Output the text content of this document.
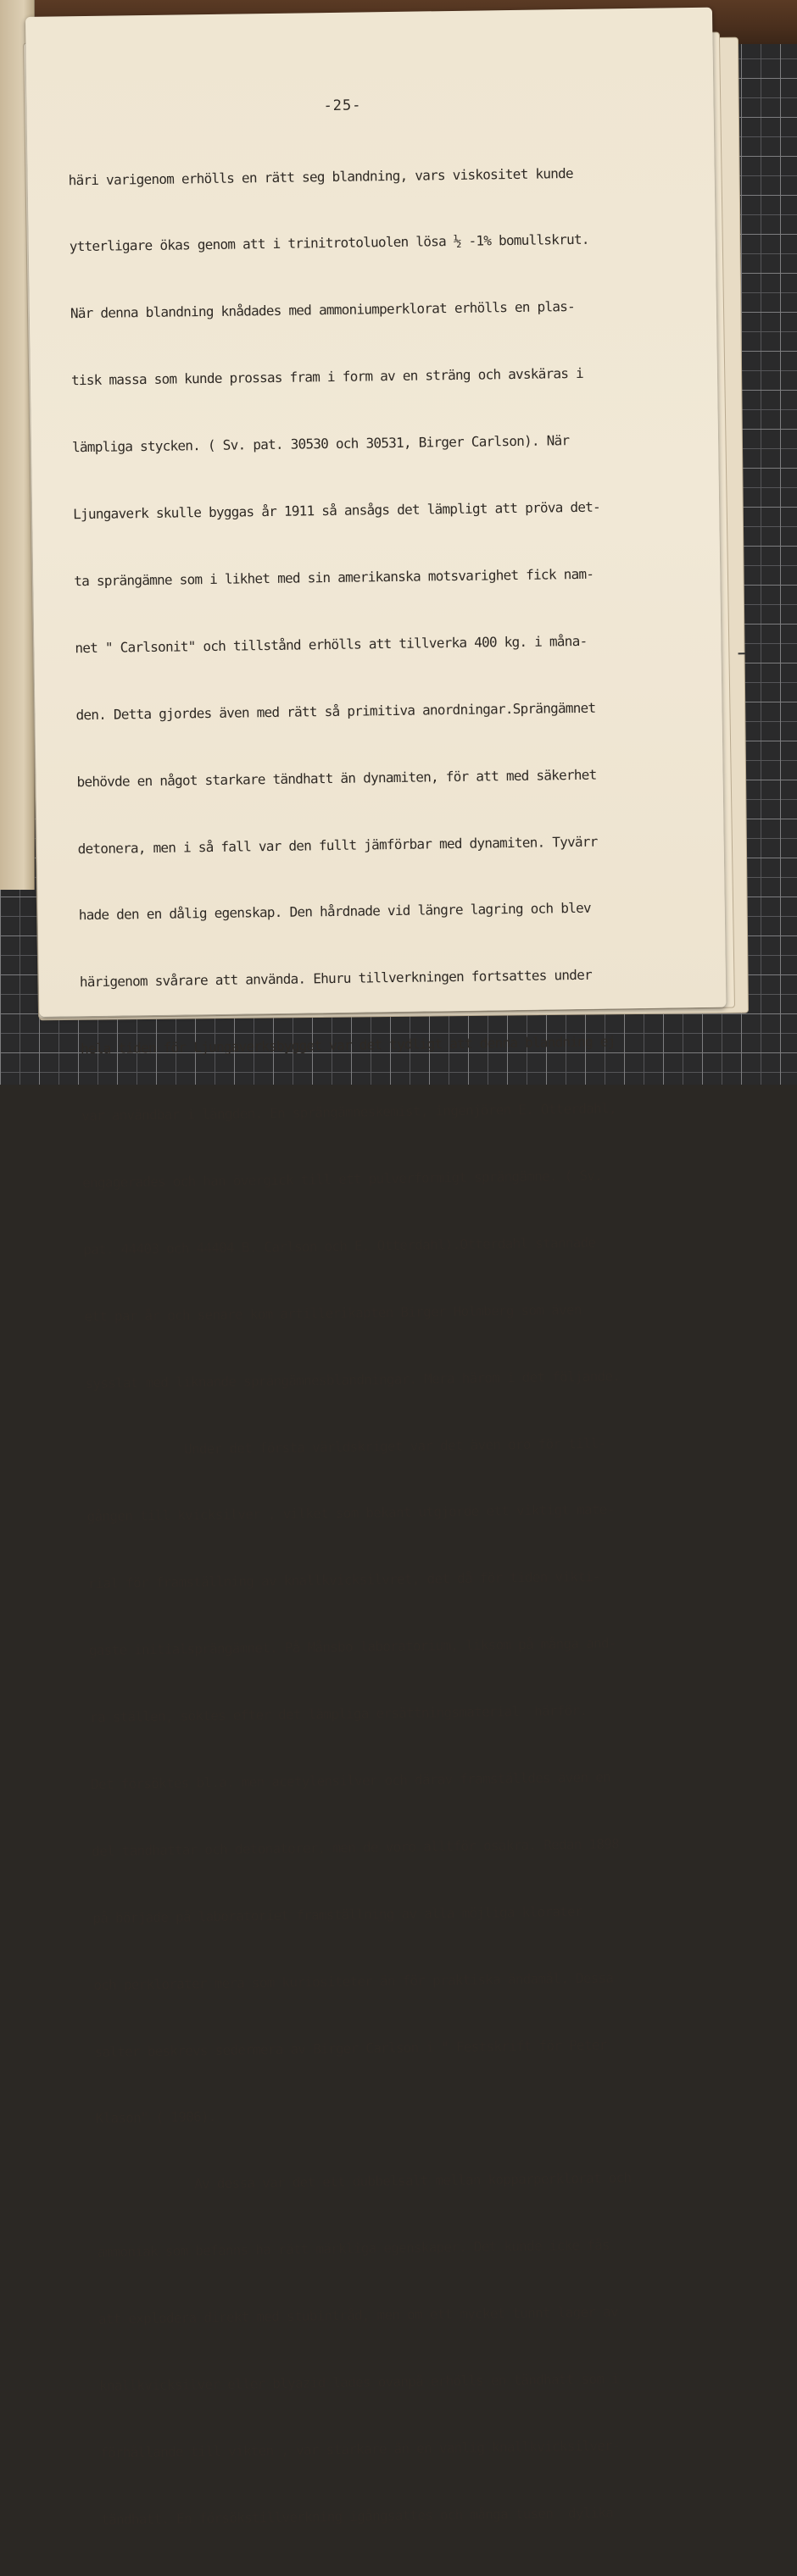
-25-

häri varigenom erhölls en rätt seg blandning, vars viskositet kunde

ytterligare ökas genom att i trinitrotoluolen lösa ½ -1% bomullskrut.

När denna blandning knådades med ammoniumperklorat erhölls en plas-

tisk massa som kunde prossas fram i form av en sträng och avskäras i

lämpliga stycken. ( Sv. pat. 30530 och 30531, Birger Carlson). När

Ljungaverk skulle byggas år 1911 så ansågs det lämpligt att pröva det-

ta sprängämne som i likhet med sin amerikanska motsvarighet fick nam-

net " Carlsonit" och tillstånd erhölls att tillverka 400 kg. i måna-

den. Detta gjordes även med rätt så primitiva anordningar.Sprängämnet

behövde en något starkare tändhatt än dynamiten, för att med säkerhet

detonera, men i så fall var den fullt jämförbar med dynamiten. Tyvärr

hade den en dålig egenskap. Den hårdnade vid längre lagring och blev

härigenom svårare att använda. Ehuru tillverkningen fortsattes under

hela tiden för Ljungaverksbygget var det tydligt att denna blandning ej

var användbar i längden. En sprängämneskemist, ingenjören E. Otterdahl,

engagerades och han övergick till ett pulverformigt sprängämne. ( Sv.

pat. 44403 och 44404 B. Carlson och E. Otterdahl).Otterdahl stannade

ett par år och senare kom artillerikapten Birger Holmberg som även

sysslat med liknande sprängämnesblandningar. Mera härom i det följande.

Under det första världskriget var det även oro för till-

gången till kvicksilver , vilket som bekant utgjorde ett viktigt mate-

rial för framställning av knallkvicksilvret, det då för tiden vikti-

gaste initialsprängämnet. På Månsbo laboratorium, liksom på många and-

ra ställen, söktes efter det lämpliga ersättningsmaterial  härför.

Det försöktes bl.a. men acetylensilver och därav framställdes även en

del tändhattar och detonatorer, men de voro alltför osäkra. Redan 1898

på började på laboratoriet framställning av alla möjliga klorater

och perklorater mera som kuriositeter än för praktiska ändamål. Dessa

salter beskrevs sedermera av Birger Carlson i " Festskrift för Peter

Klason" ( 1906).

Av dessa var det ett dubbelsalt mellan kopparperklorat och

ammoniak som befanns ha rätt märkliga egenskaper. Det kunde icke fås

att explodera direkt med stubintråd, men om ett mycket tunnt lager av

knallkvicksilver eller blyazid lades ovanpå erhölls en tändhatt som i

förhållande till vikten , var starkare än en vanlig knallkvicksilver-

tändhatt. En försökstillverkning igångsattes och många tusen  dylika
